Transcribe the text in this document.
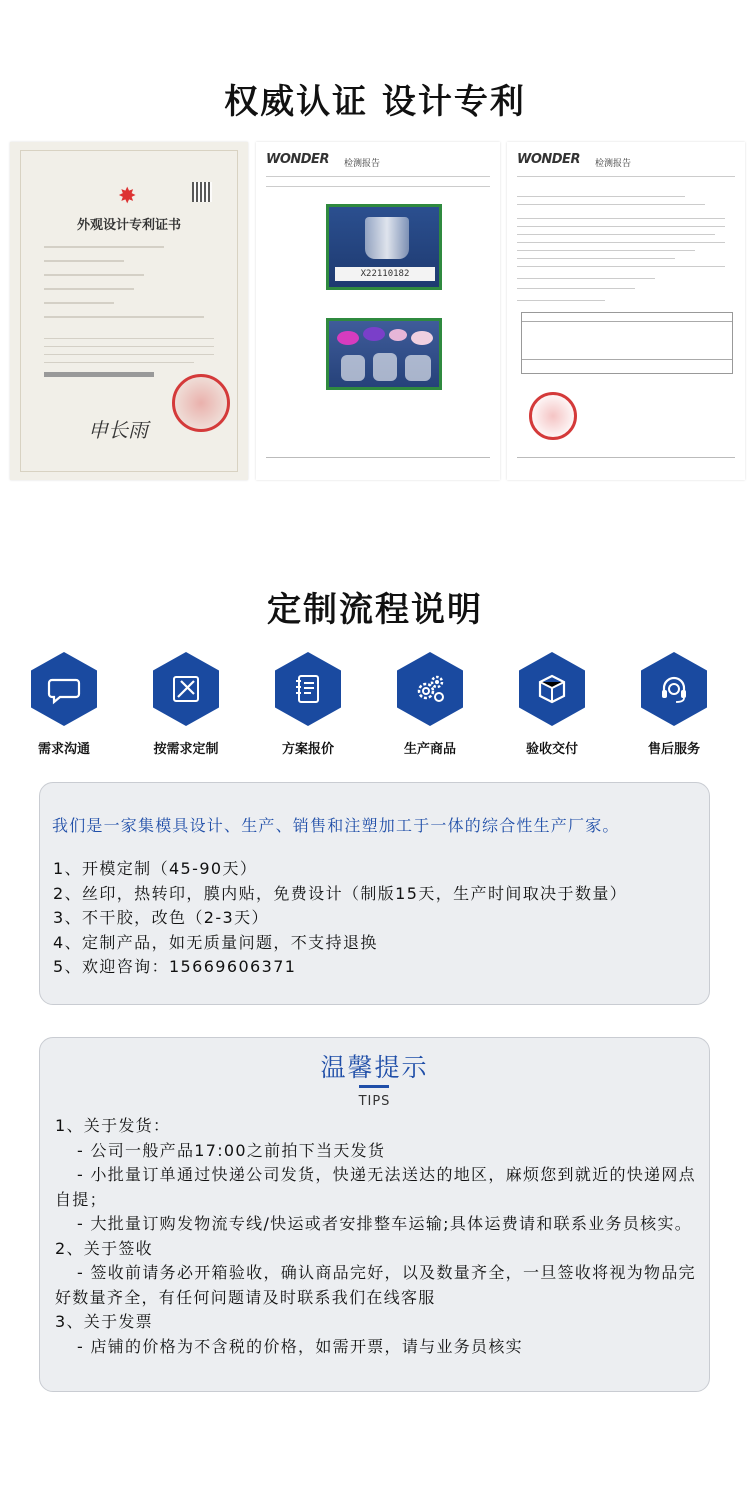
权威认证 设计专利
✸
外观设计专利证书
申长雨
WONDER 检测报告
X22110182
WONDER 检测报告
定制流程说明
需求沟通	按需求定制	方案报价	生产商品	验收交付	售后服务
我们是一家集模具设计、生产、销售和注塑加工于一体的综合性生产厂家。
1、开模定制（45-90天）
2、丝印，热转印，膜内贴，免费设计（制版15天，生产时间取决于数量）
3、不干胶，改色（2-3天）
4、定制产品，如无质量问题，不支持退换
5、欢迎咨询：15669606371
温馨提示
TIPS

1、关于发货：

- 公司一般产品17:00之前拍下当天发货

- 小批量订单通过快递公司发货，快递无法送达的地区，麻烦您到就近的快递网点自提；

- 大批量订购发物流专线/快运或者安排整车运输;具体运费请和联系业务员核实。

2、关于签收

- 签收前请务必开箱验收，确认商品完好，以及数量齐全，一旦签收将视为物品完好数量齐全，有任何问题请及时联系我们在线客服

3、关于发票

- 店铺的价格为不含税的价格，如需开票，请与业务员核实
